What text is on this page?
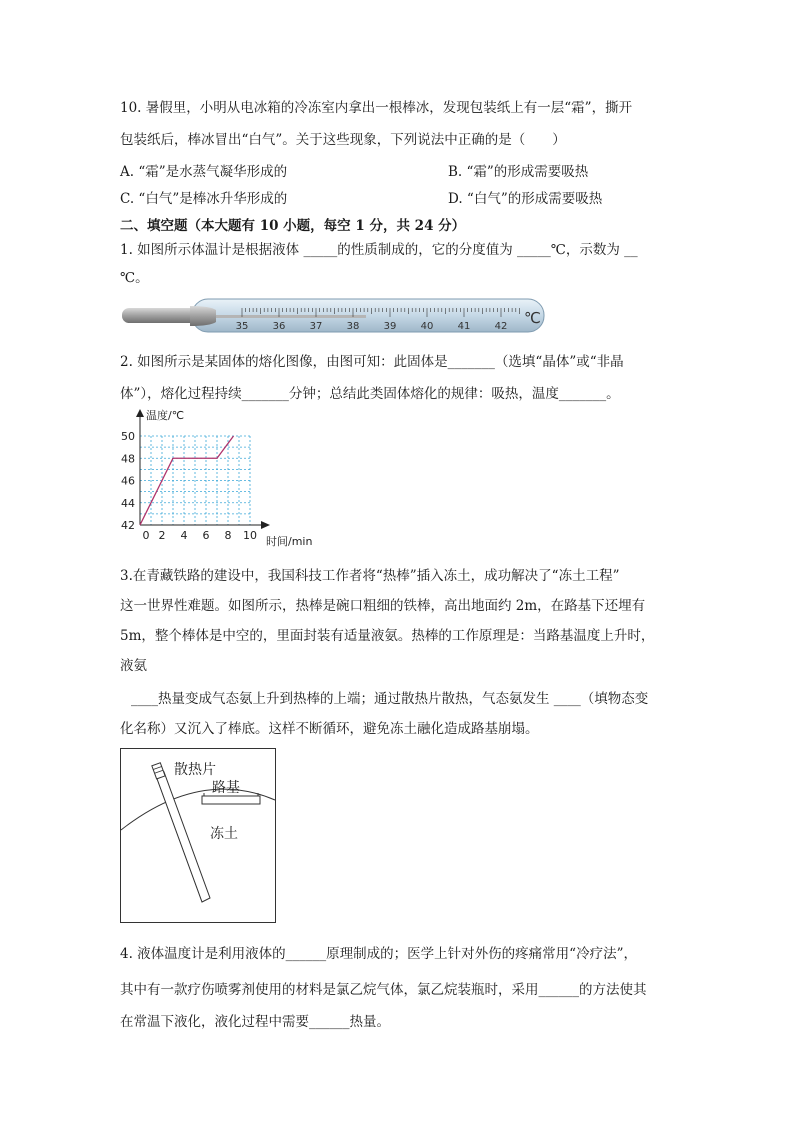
10. 暑假里，小明从电冰箱的冷冻室内拿出一根棒冰，发现包装纸上有一层“霜”，撕开
包装纸后，棒冰冒出“白气”。关于这些现象，下列说法中正确的是（　　）
A. “霜”是水蒸气凝华形成的	B. “霜”的形成需要吸热
C. “白气”是棒冰升华形成的	D. “白气”的形成需要吸热
二、填空题（本大题有 10 小题，每空 1 分，共 24 分）
1. 如图所示体温计是根据液体 _____的性质制成的，它的分度值为 _____℃，示数为 __
℃。
35 36 37 38 39 40 41 42 ℃
2. 如图所示是某固体的熔化图像，由图可知：此固体是_______（选填“晶体”或“非晶
体”），熔化过程持续_______分钟；总结此类固体熔化的规律：吸热，温度_______。
0 2 4 6 8 10
42
44
46
48
50
温度/℃
时间/min
3.在青藏铁路的建设中，我国科技工作者将“热棒”插入冻土，成功解决了“冻土工程”
这一世界性难题。如图所示，热棒是碗口粗细的铁棒，高出地面约 2m，在路基下还埋有
5m，整个棒体是中空的，里面封装有适量液氨。热棒的工作原理是：当路基温度上升时，
液氨
____热量变成气态氨上升到热棒的上端；通过散热片散热，气态氨发生 ____（填物态变
化名称）又沉入了棒底。这样不断循环，避免冻土融化造成路基崩塌。
散热片
路基
冻土
4. 液体温度计是利用液体的______原理制成的；医学上针对外伤的疼痛常用“冷疗法”，
其中有一款疗伤喷雾剂使用的材料是氯乙烷气体，氯乙烷装瓶时，采用______的方法使其
在常温下液化，液化过程中需要______热量。
